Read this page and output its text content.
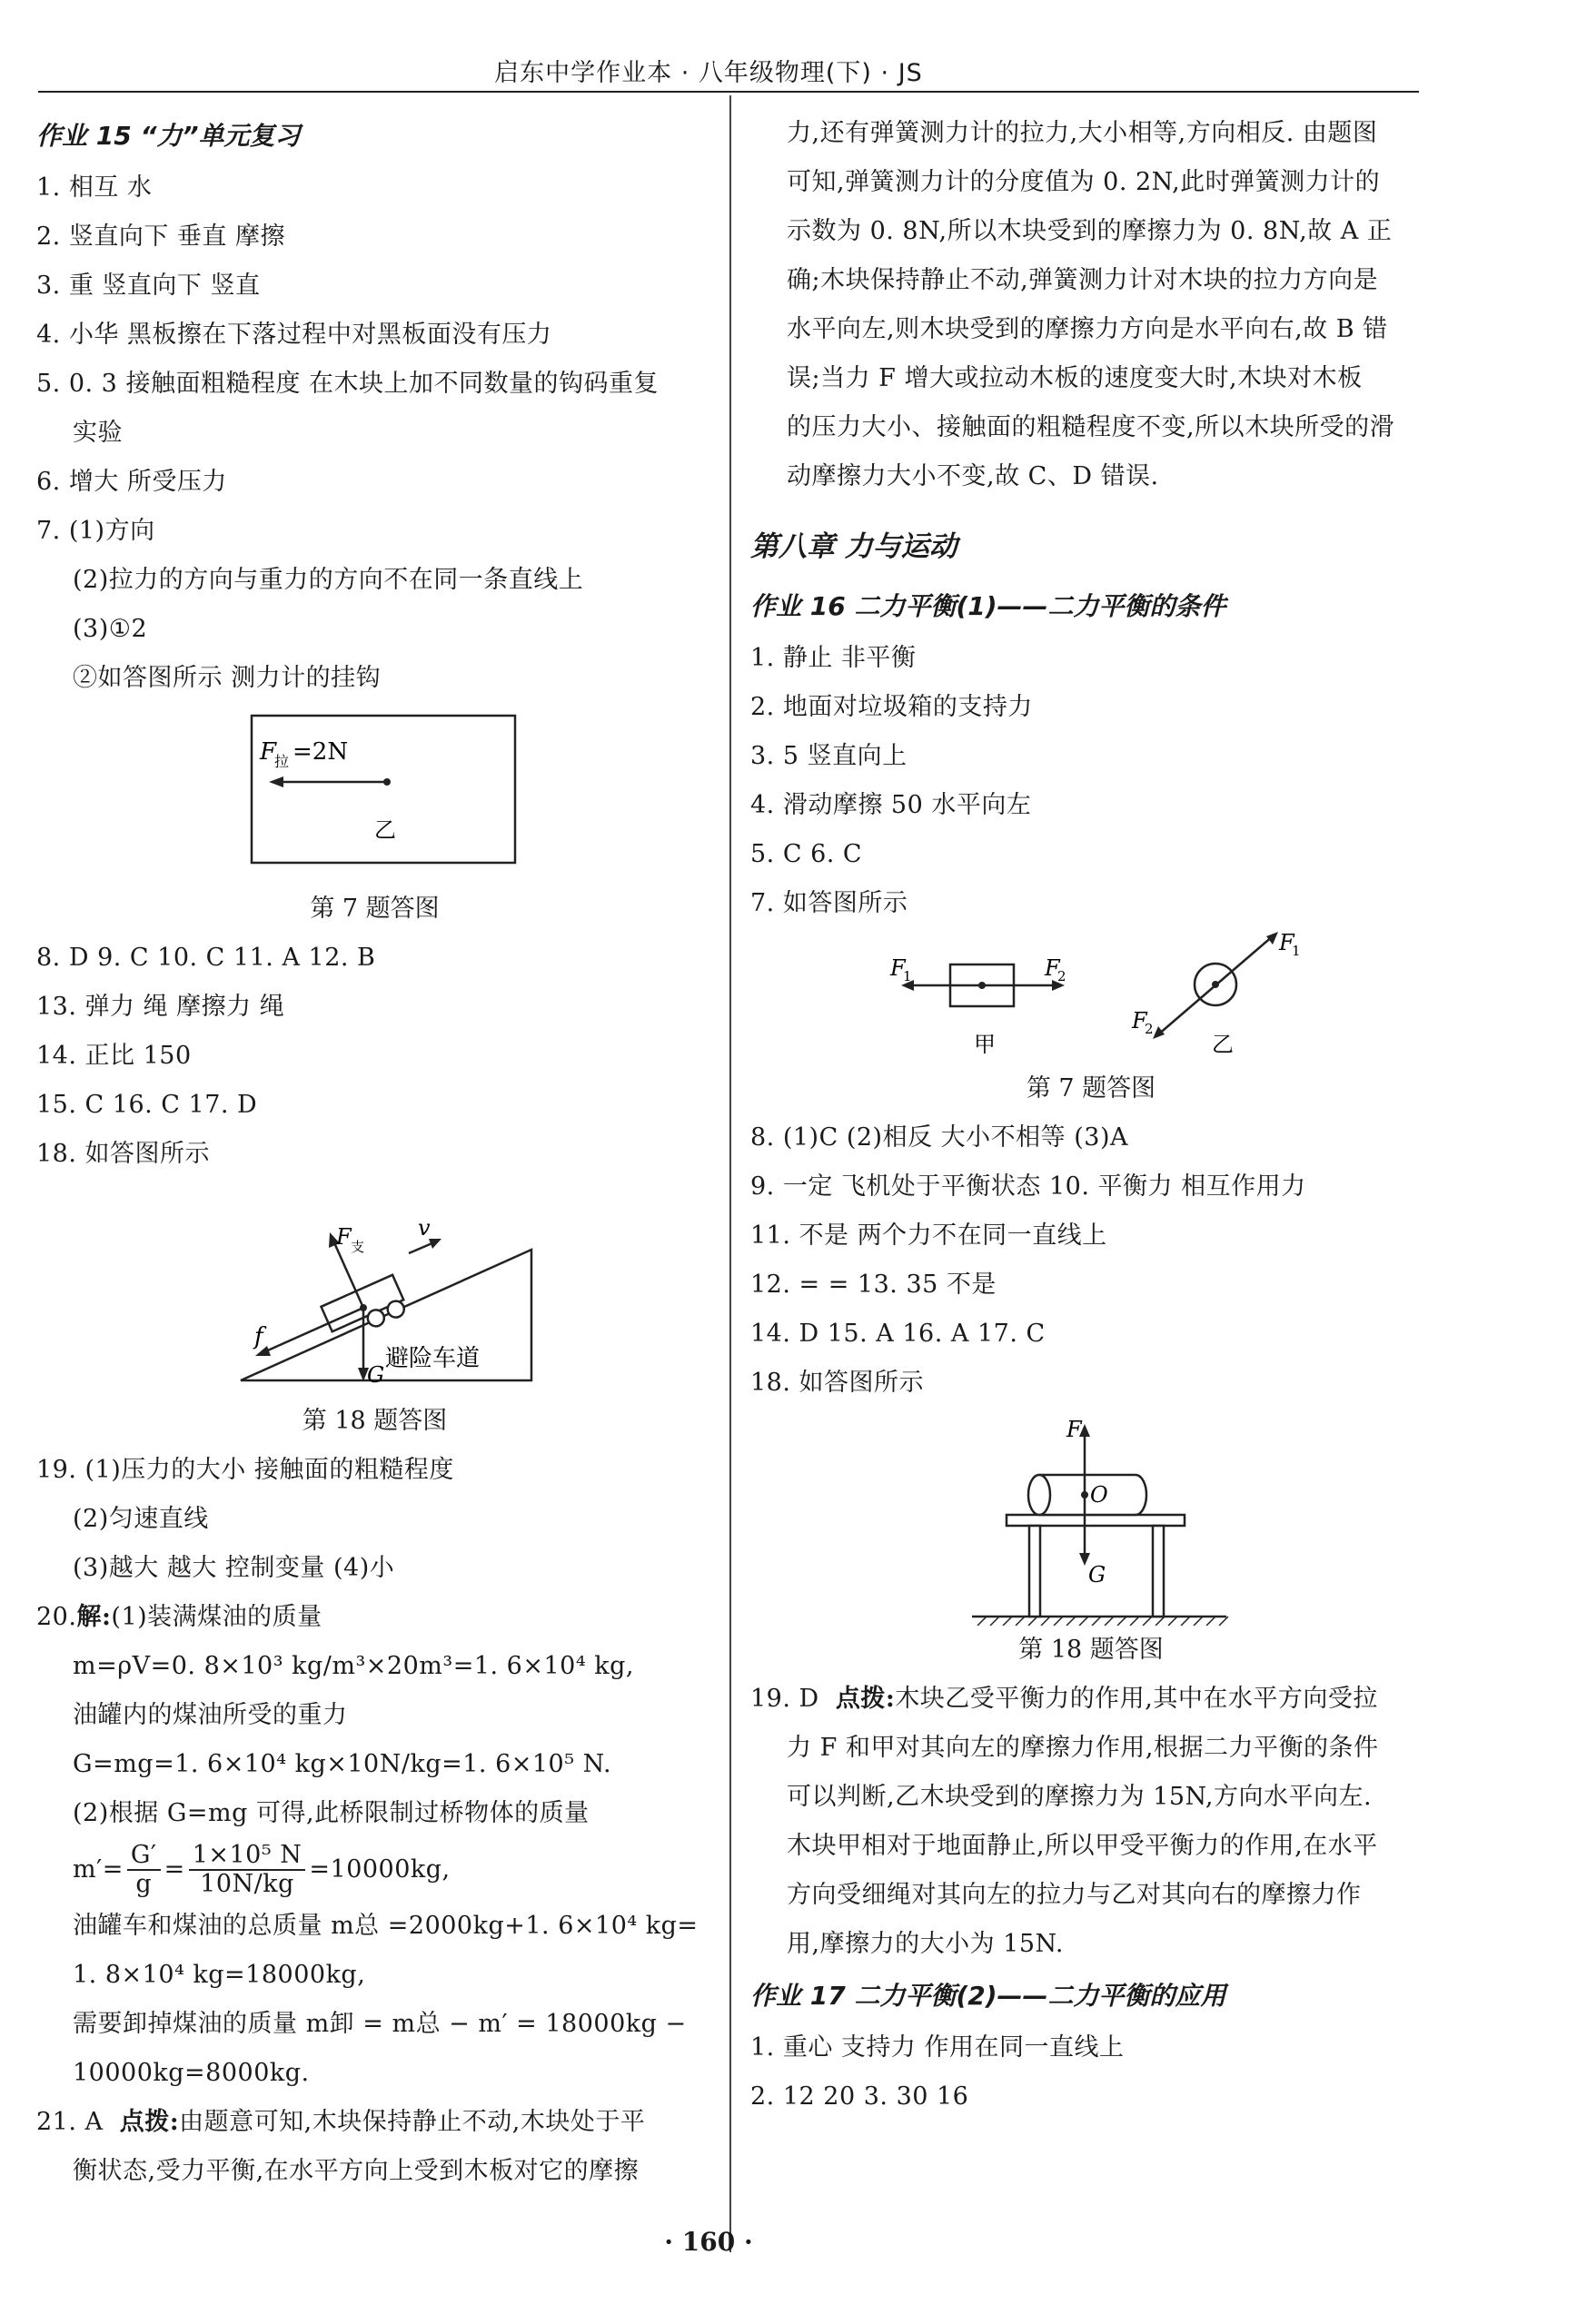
启东中学作业本 · 八年级物理(下) · JS
作业 15 “力”单元复习
1. 相互 水
2. 竖直向下 垂直 摩擦
3. 重 竖直向下 竖直
4. 小华 黑板擦在下落过程中对黑板面没有压力
5. 0. 3 接触面粗糙程度 在木块上加不同数量的钩码重复
实验
6. 增大 所受压力
7. (1)方向
(2)拉力的方向与重力的方向不在同一条直线上
(3)①2
②如答图所示 测力计的挂钩
F
拉 =2N
乙
第 7 题答图
8. D 9. C 10. C 11. A 12. B
13. 弹力 绳 摩擦力 绳
14. 正比 150
15. C 16. C 17. D
18. 如答图所示
F 支
G
f
v
避险车道
第 18 题答图
19. (1)压力的大小 接触面的粗糙程度
(2)匀速直线
(3)越大 越大 控制变量 (4)小
20.解:(1)装满煤油的质量
m=ρV=0. 8×10³ kg/m³×20m³=1. 6×10⁴ kg,
油罐内的煤油所受的重力
G=mg=1. 6×10⁴ kg×10N/kg=1. 6×10⁵ N.
(2)根据 G=mg 可得,此桥限制过桥物体的质量
$m'= \frac{G'}{g} = \frac{\text{1×10⁵ N}}{10N/kg} =10000kg$,
油罐车和煤油的总质量 m总 =2000kg+1. 6×10⁴ kg=
1. 8×10⁴ kg=18000kg,
需要卸掉煤油的质量 m卸 = m总 − m′ = 18000kg −
10000kg=8000kg.
21. A 点拨:由题意可知,木块保持静止不动,木块处于平
衡状态,受力平衡,在水平方向上受到木板对它的摩擦
力,还有弹簧测力计的拉力,大小相等,方向相反. 由题图
可知,弹簧测力计的分度值为 0. 2N,此时弹簧测力计的
示数为 0. 8N,所以木块受到的摩擦力为 0. 8N,故 A 正
确;木块保持静止不动,弹簧测力计对木块的拉力方向是
水平向左,则木块受到的摩擦力方向是水平向右,故 B 错
误;当力 F 增大或拉动木板的速度变大时,木块对木板
的压力大小、接触面的粗糙程度不变,所以木块所受的滑
动摩擦力大小不变,故 C、D 错误.
第八章 力与运动
作业 16 二力平衡(1)——二力平衡的条件
1. 静止 非平衡
2. 地面对垃圾箱的支持力
3. 5 竖直向上
4. 滑动摩擦 50 水平向左
5. C 6. C
7. 如答图所示
F
1	F
2
甲
F
1
F
2
乙
第 7 题答图
8. (1)C (2)相反 大小不相等 (3)A
9. 一定 飞机处于平衡状态 10. 平衡力 相互作用力
11. 不是 两个力不在同一直线上
12. = = 13. 35 不是
14. D 15. A 16. A 17. C
18. 如答图所示
F
O
G
第 18 题答图
19. D 点拨:木块乙受平衡力的作用,其中在水平方向受拉
力 F 和甲对其向左的摩擦力作用,根据二力平衡的条件
可以判断,乙木块受到的摩擦力为 15N,方向水平向左.
木块甲相对于地面静止,所以甲受平衡力的作用,在水平
方向受细绳对其向左的拉力与乙对其向右的摩擦力作
用,摩擦力的大小为 15N.
作业 17 二力平衡(2)——二力平衡的应用
1. 重心 支持力 作用在同一直线上
2. 12 20 3. 30 16
· 160 ·
